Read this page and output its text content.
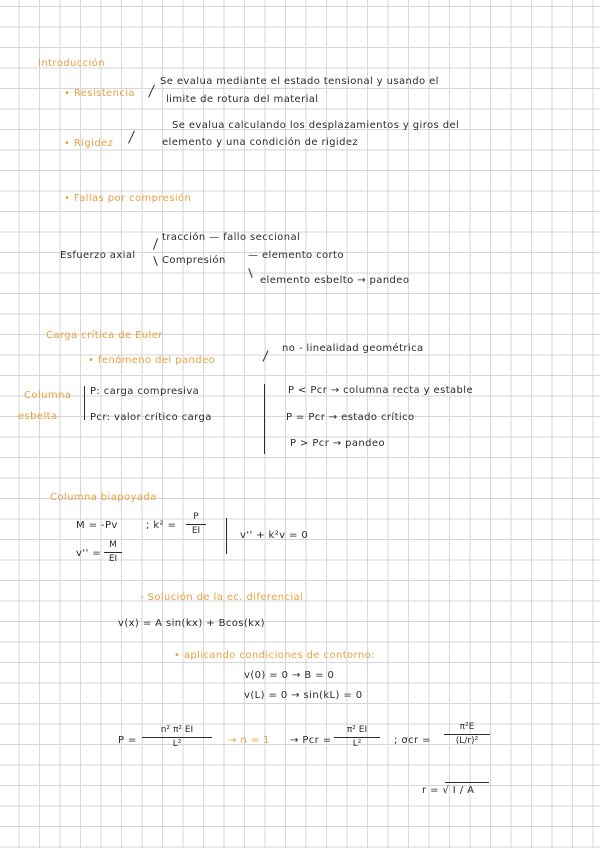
Introducción
• Resistencia
Se evalua mediante el estado tensional y usando el
limite de rotura del material
• Rigidez
Se evalua calculando los desplazamientos y giros del
elemento y una condición de rigidez
• Fallas por compresión
Esfuerzo axial
tracción — fallo seccional
Compresión — elemento corto
elemento esbelto → pandeo
Carga crítica de Euler
• fenómeno del pandeo
no - linealidad geométrica
Columna
esbelta
P: carga compresiva
Pcr: valor crítico carga
P < Pcr → columna recta y estable
P = Pcr → estado crítico
P > Pcr → pandeo
Columna biapoyada
M = -Pv	; k² =
P
EI
v'' =
M
EI
v'' + k²v = 0
- Solución de la ec. diferencial
v(x) = A sin(kx) + Bcos(kx)
• aplicando condiciones de contorno:
v(0) = 0 → B = 0
v(L) = 0 → sin(kL) = 0
P =
n² π² EI
L²	→ n = 1 → Pcr =
π² EI
L²	; σcr =
π²E
(L/r)²
r = √ I / A
